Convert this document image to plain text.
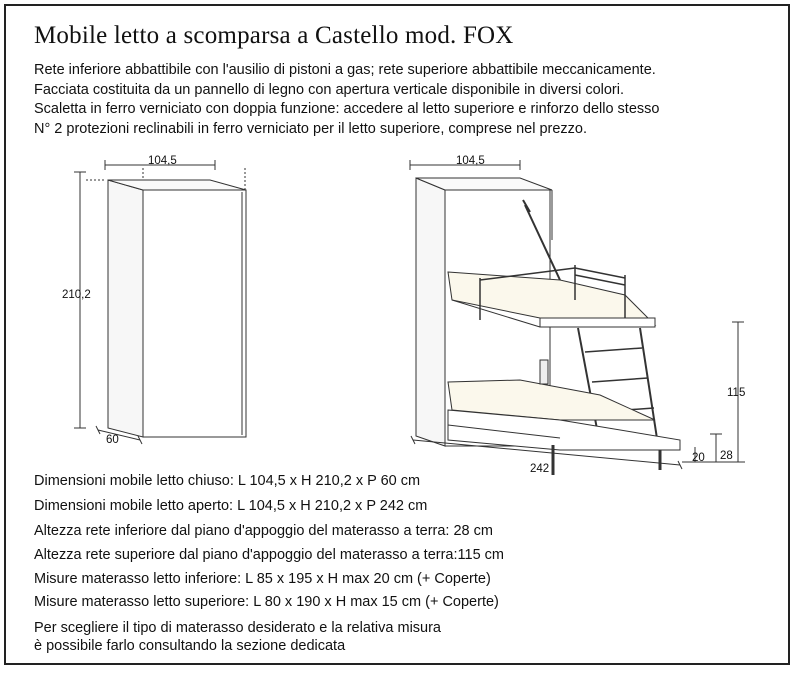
Mobile letto a scomparsa a Castello mod. FOX
Rete inferiore abbattibile con l'ausilio di pistoni a gas; rete superiore abbattibile meccanicamente.
Facciata costituita da un pannello di legno con apertura verticale disponibile in diversi colori.
Scaletta in ferro verniciato con doppia funzione: accedere al letto superiore e rinforzo dello stesso
N° 2 protezioni reclinabili in ferro verniciato per il letto superiore, comprese nel prezzo.
104,5
210,2
60
104,5
242
115
28
20
Dimensioni mobile letto chiuso: L 104,5 x H 210,2 x P 60 cm
Dimensioni mobile letto aperto: L 104,5 x H 210,2 x P 242 cm
Altezza rete inferiore dal piano d'appoggio del materasso a terra: 28 cm
Altezza rete superiore dal piano d'appoggio del materasso a terra:115 cm
Misure materasso letto inferiore: L 85 x 195 x H max 20 cm (+ Coperte)
Misure materasso letto superiore: L 80 x 190 x H max 15 cm (+ Coperte)
Per scegliere il tipo di materasso desiderato e la relativa misura
è possibile farlo consultando la sezione dedicata
